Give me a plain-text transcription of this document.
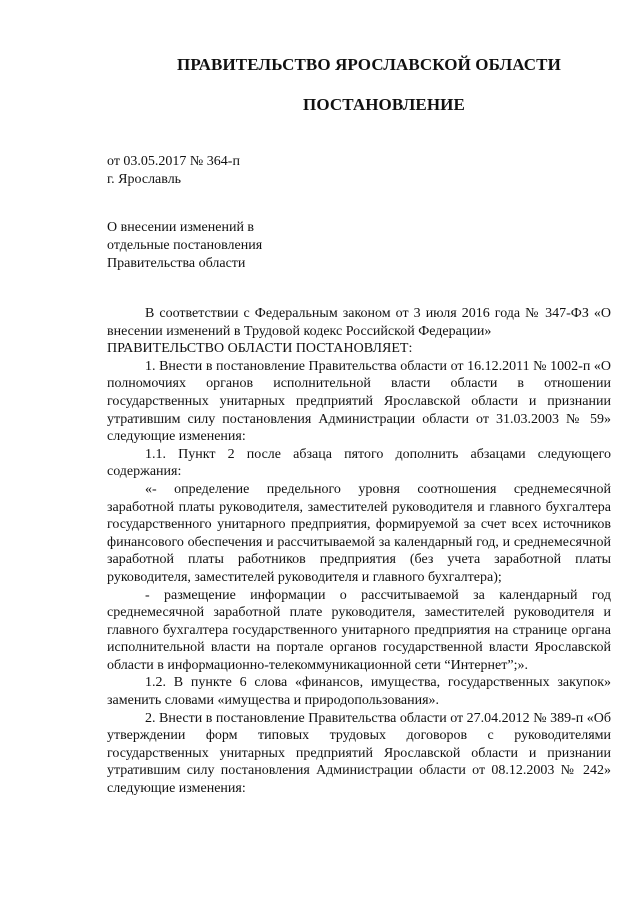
ПРАВИТЕЛЬСТВО ЯРОСЛАВСКОЙ ОБЛАСТИ
ПОСТАНОВЛЕНИЕ
от 03.05.2017 № 364-п
г. Ярославль
О внесении изменений в
отдельные постановления
Правительства области

В соответствии с Федеральным законом от 3 июля 2016 года № 347-ФЗ «О внесении изменений в Трудовой кодекс Российской Федерации»

ПРАВИТЕЛЬСТВО ОБЛАСТИ ПОСТАНОВЛЯЕТ:

1. Внести в постановление Правительства области от 16.12.2011 № 1002-п «О полномочиях органов исполнительной власти области в отношении государственных унитарных предприятий Ярославской области и признании утратившим силу постановления Администрации области от 31.03.2003 № 59» следующие изменения:

1.1. Пункт 2 после абзаца пятого дополнить абзацами следующего содержания:

«- определение предельного уровня соотношения среднемесячной заработной платы руководителя, заместителей руководителя и главного бухгалтера государственного унитарного предприятия, формируемой за счет всех источников финансового обеспечения и рассчитываемой за календарный год, и среднемесячной заработной платы работников предприятия (без учета заработной платы руководителя, заместителей руководителя и главного бухгалтера);

- размещение информации о рассчитываемой за календарный год среднемесячной заработной плате руководителя, заместителей руководителя и главного бухгалтера государственного унитарного предприятия на странице органа исполнительной власти на портале органов государственной власти Ярославской области в информационно-телекоммуникационной сети “Интернет”;».

1.2. В пункте 6 слова «финансов, имущества, государственных закупок» заменить словами «имущества и природопользования».

2. Внести в постановление Правительства области от 27.04.2012 № 389-п «Об утверждении форм типовых трудовых договоров с руководителями государственных унитарных предприятий Ярославской области и признании утратившим силу постановления Администрации области от 08.12.2003 № 242» следующие изменения:
